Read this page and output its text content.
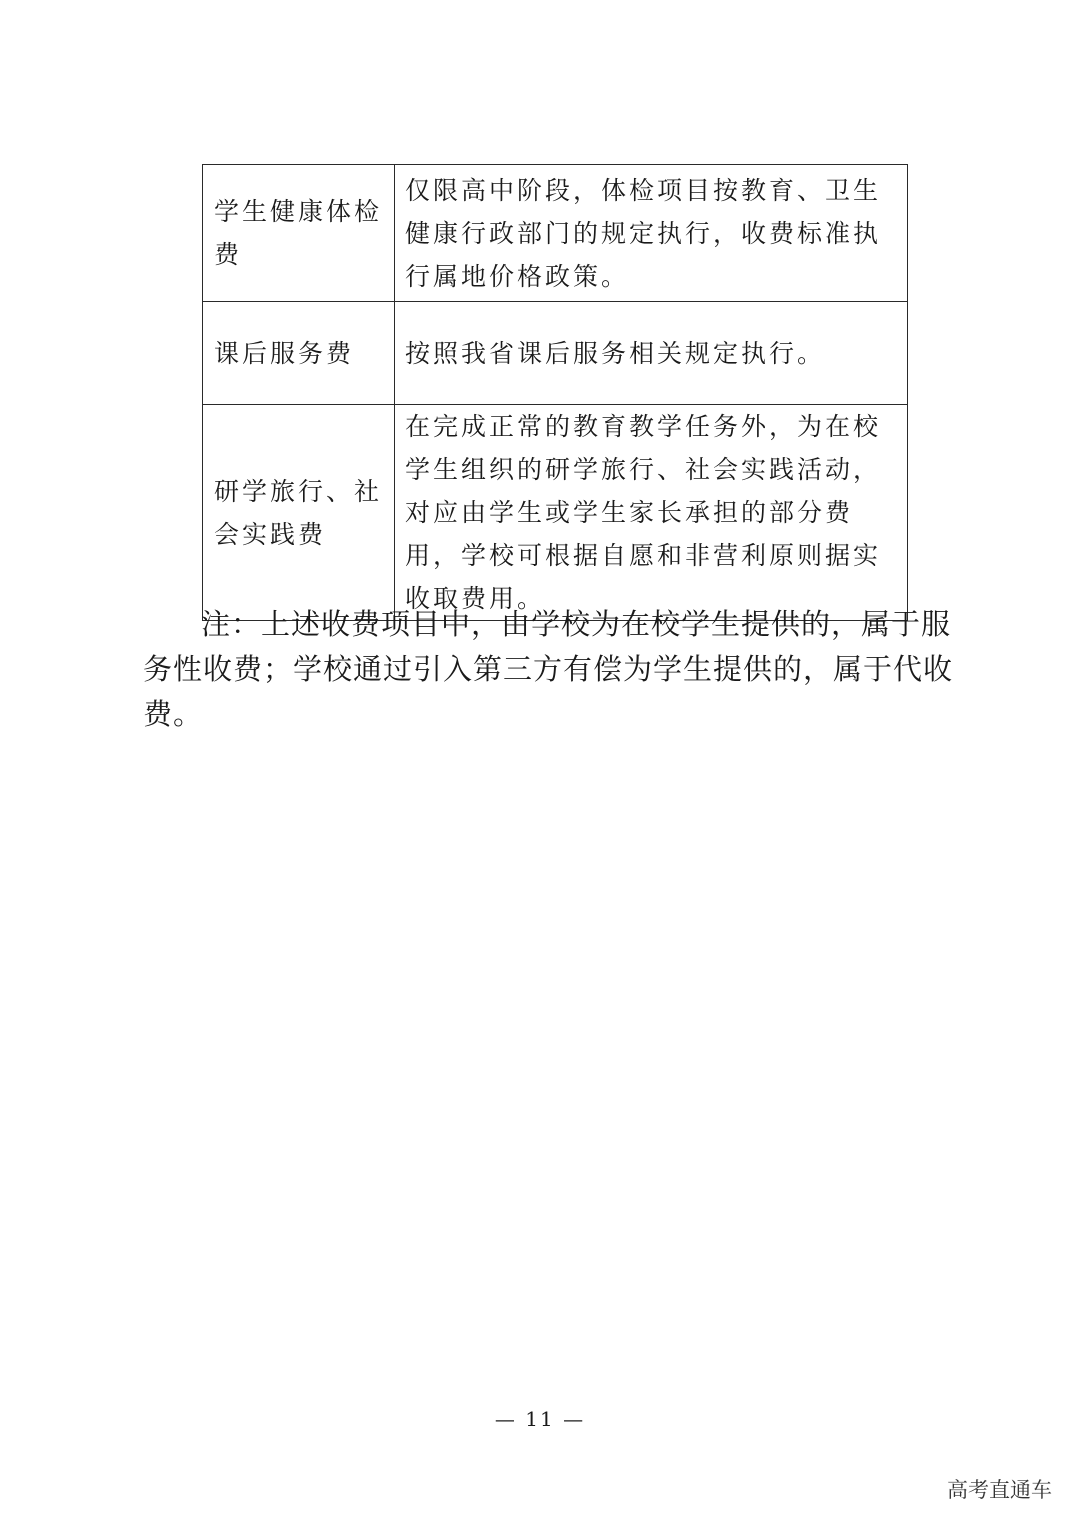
学生健康体检费	仅限高中阶段，体检项目按教育、卫生健康行政部门的规定执行，收费标准执行属地价格政策。
课后服务费	按照我省课后服务相关规定执行。
研学旅行、社会实践费	在完成正常的教育教学任务外，为在校学生组织的研学旅行、社会实践活动，对应由学生或学生家长承担的部分费用，学校可根据自愿和非营利原则据实收取费用。

注：上述收费项目中，由学校为在校学生提供的，属于服务性收费；学校通过引入第三方有偿为学生提供的，属于代收费。

— 11 —
高考直通车
